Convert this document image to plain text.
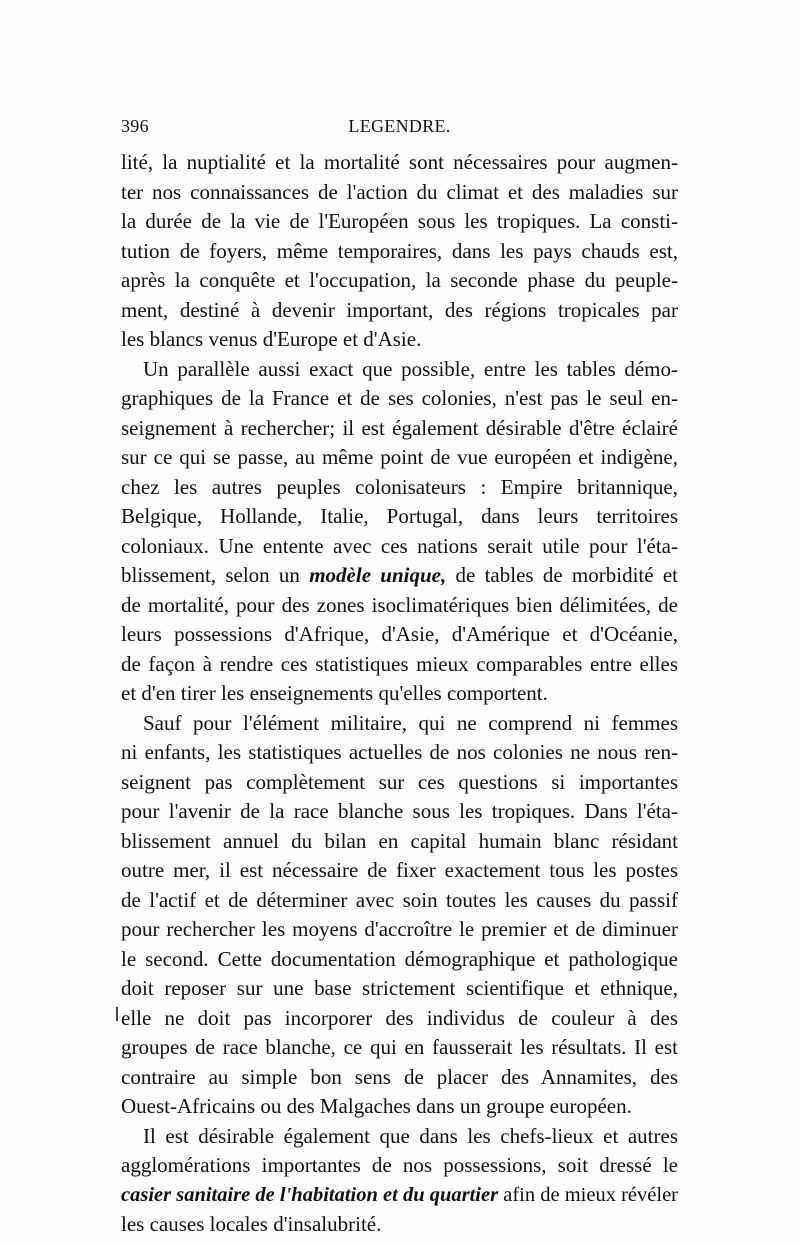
396	LEGENDRE.
lité, la nuptialité et la mortalité sont nécessaires pour augmen-
ter nos connaissances de l'action du climat et des maladies sur
la durée de la vie de l'Européen sous les tropiques. La consti-
tution de foyers, même temporaires, dans les pays chauds est,
après la conquête et l'occupation, la seconde phase du peuple-
ment, destiné à devenir important, des régions tropicales par
les blancs venus d'Europe et d'Asie.
Un parallèle aussi exact que possible, entre les tables démo-
graphiques de la France et de ses colonies, n'est pas le seul en-
seignement à rechercher; il est également désirable d'être éclairé
sur ce qui se passe, au même point de vue européen et indigène,
chez les autres peuples colonisateurs : Empire britannique,
Belgique, Hollande, Italie, Portugal, dans leurs territoires
coloniaux. Une entente avec ces nations serait utile pour l'éta-
blissement, selon un modèle unique, de tables de morbidité et
de mortalité, pour des zones isoclimatériques bien délimitées, de
leurs possessions d'Afrique, d'Asie, d'Amérique et d'Océanie,
de façon à rendre ces statistiques mieux comparables entre elles
et d'en tirer les enseignements qu'elles comportent.
Sauf pour l'élément militaire, qui ne comprend ni femmes
ni enfants, les statistiques actuelles de nos colonies ne nous ren-
seignent pas complètement sur ces questions si importantes
pour l'avenir de la race blanche sous les tropiques. Dans l'éta-
blissement annuel du bilan en capital humain blanc résidant
outre mer, il est nécessaire de fixer exactement tous les postes
de l'actif et de déterminer avec soin toutes les causes du passif
pour rechercher les moyens d'accroître le premier et de diminuer
le second. Cette documentation démographique et pathologique
doit reposer sur une base strictement scientifique et ethnique,
elle ne doit pas incorporer des individus de couleur à des
groupes de race blanche, ce qui en fausserait les résultats. Il est
contraire au simple bon sens de placer des Annamites, des
Ouest-Africains ou des Malgaches dans un groupe européen.
Il est désirable également que dans les chefs-lieux et autres
agglomérations importantes de nos possessions, soit dressé le
casier sanitaire de l'habitation et du quartier afin de mieux révéler
les causes locales d'insalubrité.
